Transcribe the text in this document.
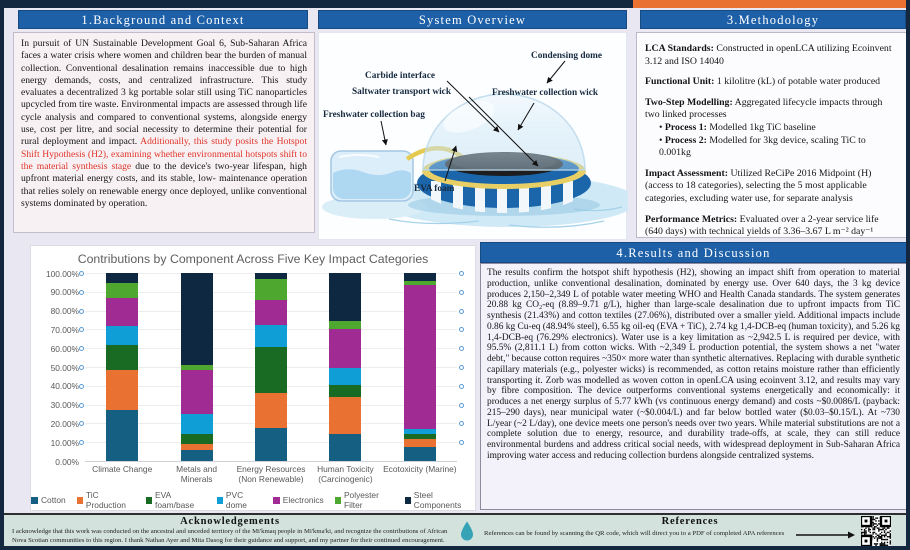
1.Background and Context
In pursuit of UN Sustainable Development Goal 6, Sub-Saharan Africa faces a water crisis where women and children bear the burden of manual collection. Conventional desalination remains inaccessible due to high energy demands, costs, and centralized infrastructure. This study evaluates a decentralized 3 kg portable solar still using TiC nanoparticles upcycled from tire waste. Environmental impacts are assessed through life cycle analysis and compared to conventional systems, alongside energy use, cost per litre, and social necessity to determine their potential for rural deployment and impact. Additionally, this study posits the Hotspot Shift Hypothesis (H2), examining whether environmental hotspots shift to the material synthesis stage due to the device's two-year lifespan, high upfront material energy costs, and its stable, low- maintenance operation that relies solely on renewable energy once deployed, unlike conventional systems dominated by operation.
System Overview
Condensing dome
Carbide interface
Saltwater transport wick	Freshwater collection wick
Freshwater collection bag
EVA foam
3.Methodology
LCA Standards: Constructed in openLCA utilizing Ecoinvent 3.12 and ISO 14040
Functional Unit: 1 kilolitre (kL) of potable water produced
Two-Step Modelling: Aggregated lifecycle impacts through two linked processes
• Process 1: Modelled 1kg TiC baseline
• Process 2: Modelled for 3kg device, scaling TiC to 0.001kg
Impact Assessment: Utilized ReCiPe 2016 Midpoint (H) (access to 18 categories), selecting the 5 most applicable categories, excluding water use, for separate analysis
Performance Metrics: Evaluated over a 2-year service life (640 days) with technical yields of 3.36–3.67 L m⁻² day⁻¹
Contributions by Component Across Five Key Impact Categories
0.00%
10.00%
20.00%
30.00%
40.00%
50.00%
60.00%
70.00%
80.00%
90.00%
100.00%
Climate Change	Metals and Minerals
Energy Resources (Non Renewable)
Human Toxicity (Carcinogenic)
Ecotoxicity (Marine)
Cotton TiC Production
EVA foam/base
PVC dome	Electronics Polyester Filter
Steel Components
4.Results and Discussion
The results confirm the hotspot shift hypothesis (H2), showing an impact shift from operation to material production, unlike conventional desalination, dominated by energy use. Over 640 days, the 3 kg device produces 2,150–2,349 L of potable water meeting WHO and Health Canada standards. The system generates 20.88 kg CO₂-eq (8.89–9.71 g/L), higher than large-scale desalination due to upfront impacts from TiC synthesis (21.43%) and cotton textiles (27.06%), distributed over a smaller yield. Additional impacts include 0.86 kg Cu-eq (48.94% steel), 6.55 kg oil-eq (EVA + TiC), 2.74 kg 1,4-DCB-eq (human toxicity), and 5.26 kg 1,4-DCB-eq (76.29% electronics). Water use is a key limitation as ~2,942.5 L is required per device, with 95.5% (2,811.1 L) from cotton wicks. With ~2,349 L production potential, the system shows a net "water debt," because cotton requires ~350× more water than synthetic alternatives. Replacing with durable synthetic capillary materials (e.g., polyester wicks) is recommended, as cotton retains moisture rather than efficiently transporting it. Zorb was modelled as woven cotton in openLCA using ecoinvent 3.12, and results may vary by fibre composition. The device outperforms conventional systems energetically and economically: it produces a net energy surplus of 5.77 kWh (vs continuous energy demand) and costs ~$0.0086/L (payback: 215–290 days), near municipal water (~$0.004/L) and far below bottled water ($0.03–$0.15/L). At ~730 L/year (~2 L/day), one device meets one person's needs over two years. While material substitutions are not a complete solution due to energy, resource, and durability trade-offs, at scale, they can still reduce environmental burdens and address critical social needs, with widespread deployment in Sub-Saharan Africa improving water access and reducing collection burdens alongside centralized systems.
Acknowledgements
I acknowledge that this work was conducted on the ancestral and unceded territory of the Mi'kmaq people in Mi'kma'ki, and recognize the contributions of African Nova Scotian communities to this region. I thank Nathan Ayer and Mita Dasog for their guidance and support, and my partner for their continued encouragement.
References
References can be found by scanning the QR code, which will direct you to a PDF of completed APA references
